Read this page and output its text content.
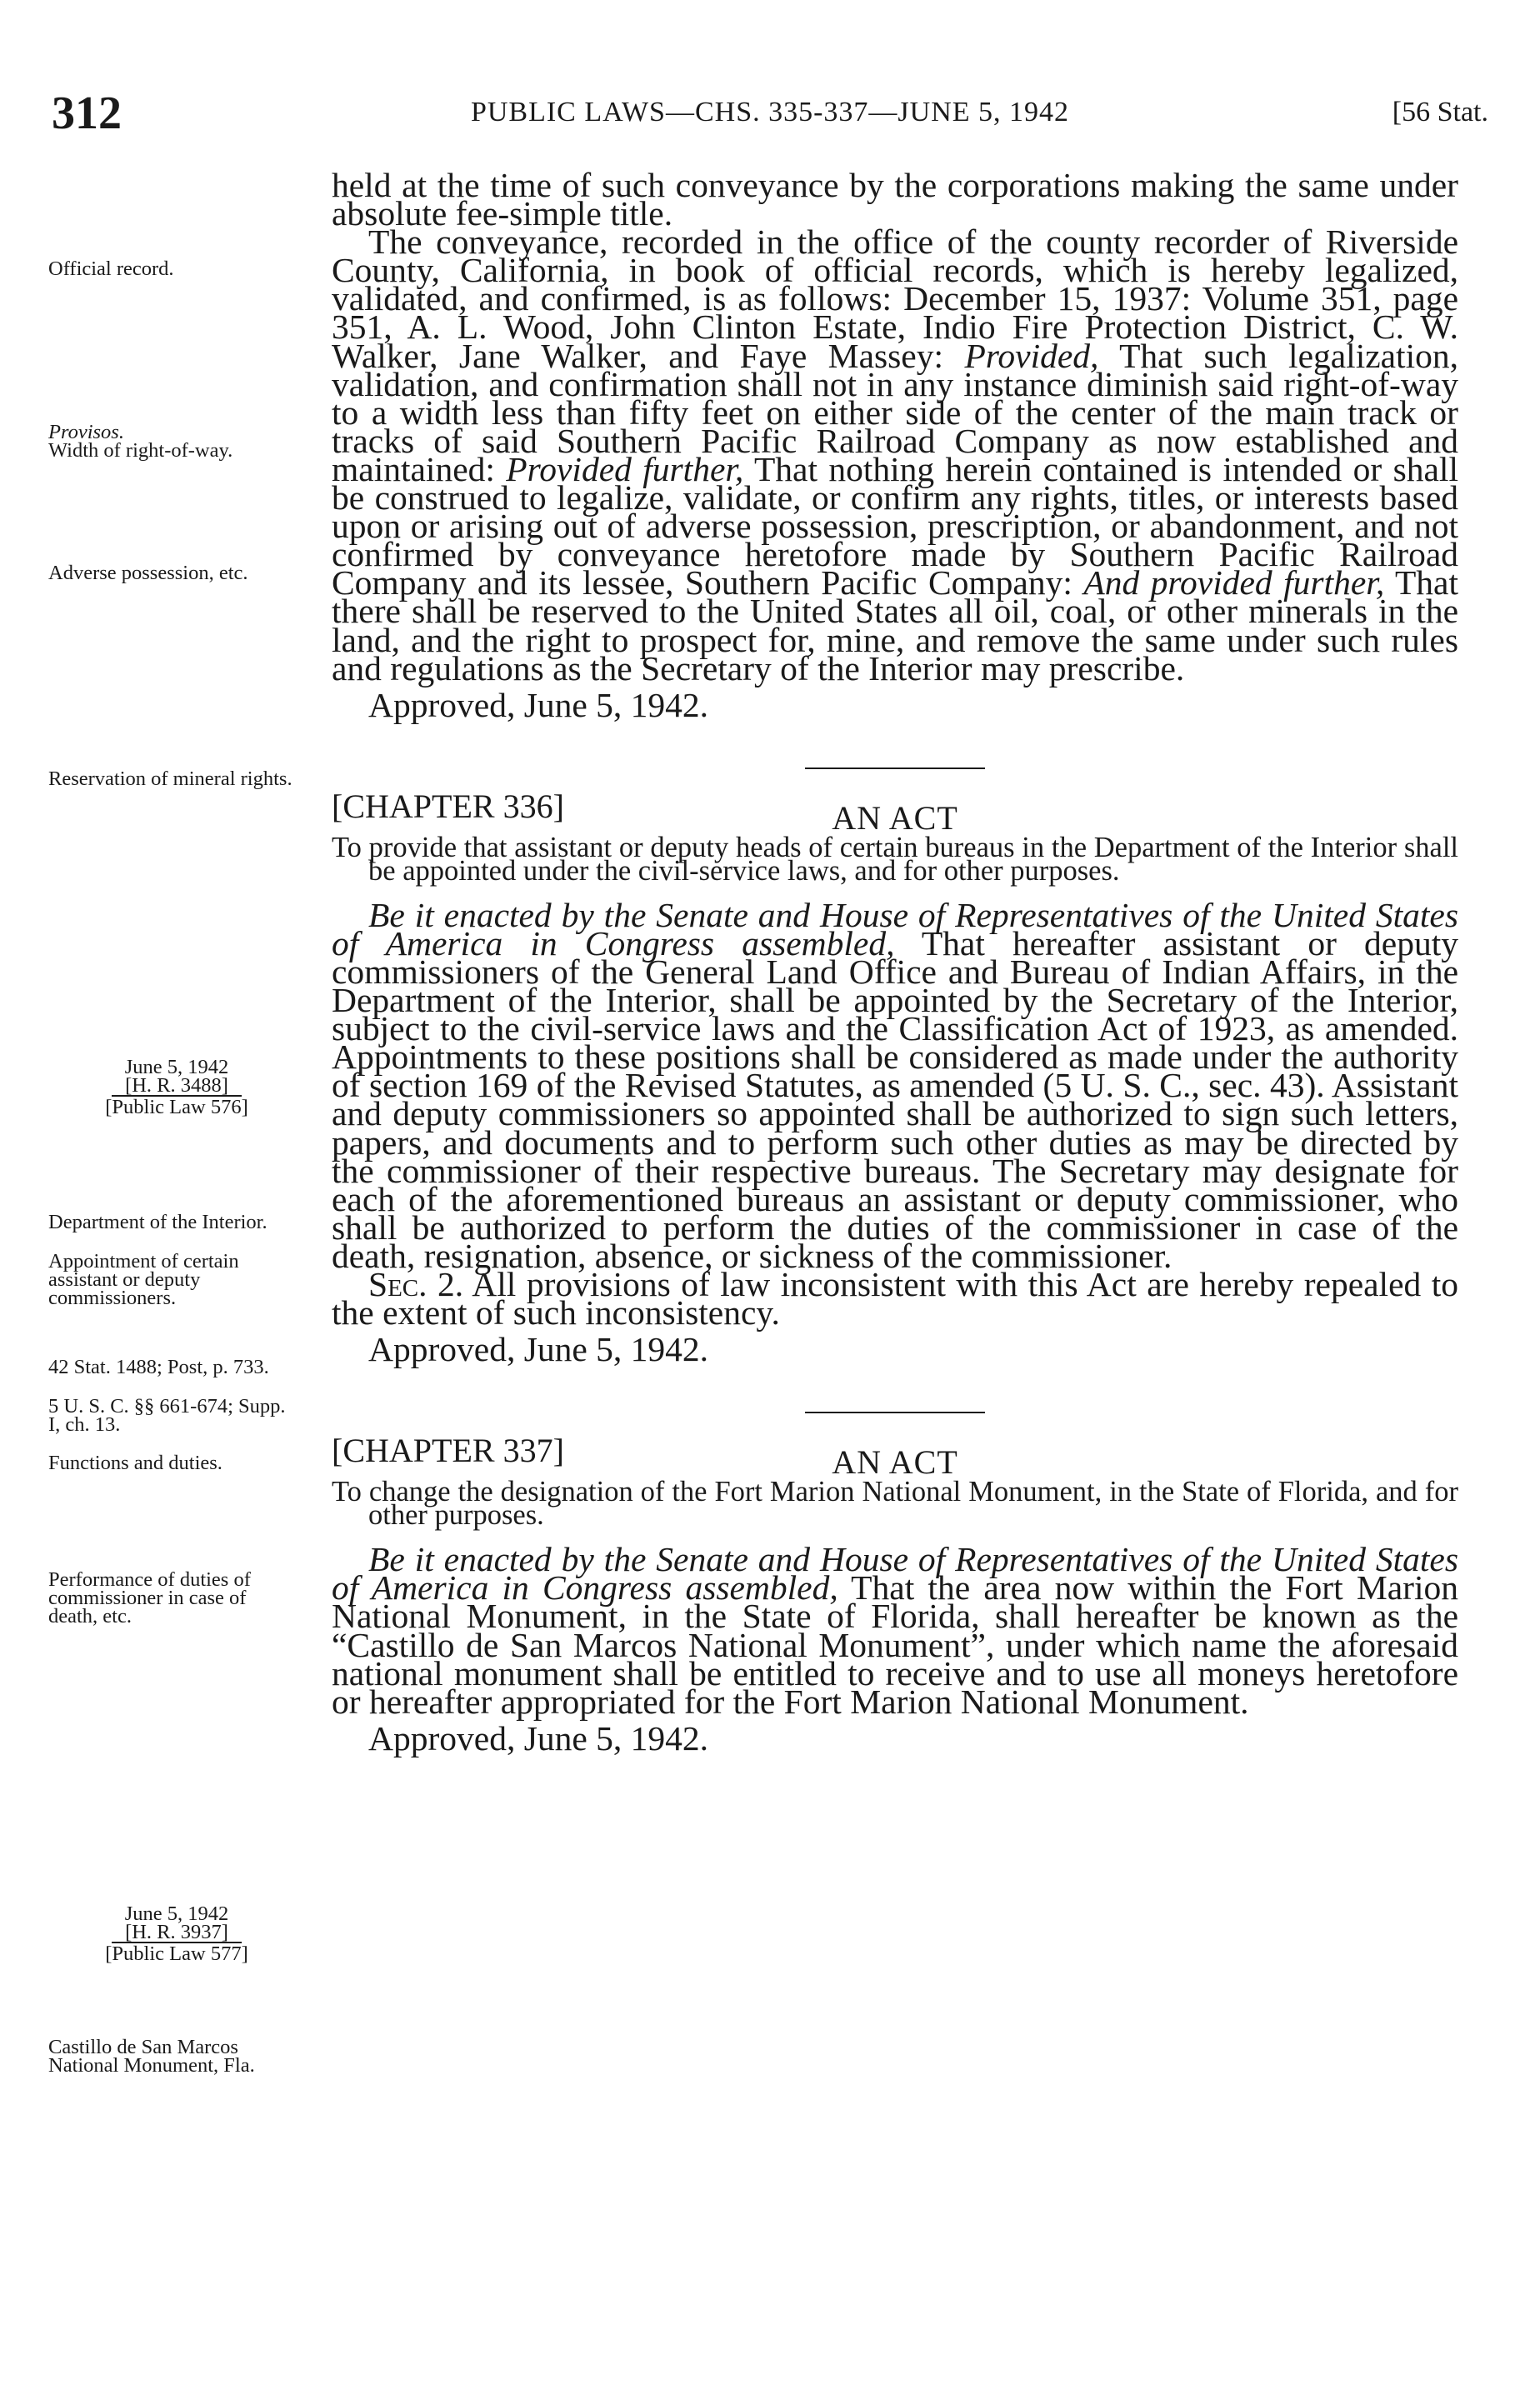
312	PUBLIC LAWS—CHS. 335-337—JUNE 5, 1942	[56 Stat.
Official record.
Provisos.
Width of right-of-way.
Adverse possession, etc.
Reservation of mineral rights.
June 5, 1942
[H. R. 3488]
[Public Law 576]
Department of the Interior.
Appointment of certain assistant or deputy commissioners.
42 Stat. 1488; Post, p. 733.
5 U. S. C. §§ 661-674; Supp. I, ch. 13.
Functions and duties.
Performance of duties of commissioner in case of death, etc.
June 5, 1942
[H. R. 3937]
[Public Law 577]
Castillo de San Marcos National Monument, Fla.

held at the time of such conveyance by the corporations making the same under absolute fee-simple title.

The conveyance, recorded in the office of the county recorder of Riverside County, California, in book of official records, which is hereby legalized, validated, and confirmed, is as follows: December 15, 1937: Volume 351, page 351, A. L. Wood, John Clinton Estate, Indio Fire Protection District, C. W. Walker, Jane Walker, and Faye Massey: Provided, That such legalization, validation, and confirmation shall not in any instance diminish said right-of-way to a width less than fifty feet on either side of the center of the main track or tracks of said Southern Pacific Railroad Company as now established and maintained: Provided further, That nothing herein contained is intended or shall be construed to legalize, validate, or confirm any rights, titles, or interests based upon or arising out of adverse possession, prescription, or abandonment, and not confirmed by conveyance heretofore made by Southern Pacific Railroad Company and its lessee, Southern Pacific Company: And provided further, That there shall be reserved to the United States all oil, coal, or other minerals in the land, and the right to prospect for, mine, and remove the same under such rules and regulations as the Secretary of the Interior may prescribe.

Approved, June 5, 1942.

[CHAPTER 336]	AN ACT

To provide that assistant or deputy heads of certain bureaus in the Department of the Interior shall be appointed under the civil-service laws, and for other purposes.

Be it enacted by the Senate and House of Representatives of the United States of America in Congress assembled, That hereafter assistant or deputy commissioners of the General Land Office and Bureau of Indian Affairs, in the Department of the Interior, shall be appointed by the Secretary of the Interior, subject to the civil-service laws and the Classification Act of 1923, as amended. Appointments to these positions shall be considered as made under the authority of section 169 of the Revised Statutes, as amended (5 U. S. C., sec. 43). Assistant and deputy commissioners so appointed shall be authorized to sign such letters, papers, and documents and to perform such other duties as may be directed by the commissioner of their respective bureaus. The Secretary may designate for each of the aforementioned bureaus an assistant or deputy commissioner, who shall be authorized to perform the duties of the commissioner in case of the death, resignation, absence, or sickness of the commissioner.

Sec. 2. All provisions of law inconsistent with this Act are hereby repealed to the extent of such inconsistency.

Approved, June 5, 1942.

[CHAPTER 337]	AN ACT

To change the designation of the Fort Marion National Monument, in the State of Florida, and for other purposes.

Be it enacted by the Senate and House of Representatives of the United States of America in Congress assembled, That the area now within the Fort Marion National Monument, in the State of Florida, shall hereafter be known as the “Castillo de San Marcos National Monument”, under which name the aforesaid national monument shall be entitled to receive and to use all moneys heretofore or hereafter appropriated for the Fort Marion National Monument.

Approved, June 5, 1942.
